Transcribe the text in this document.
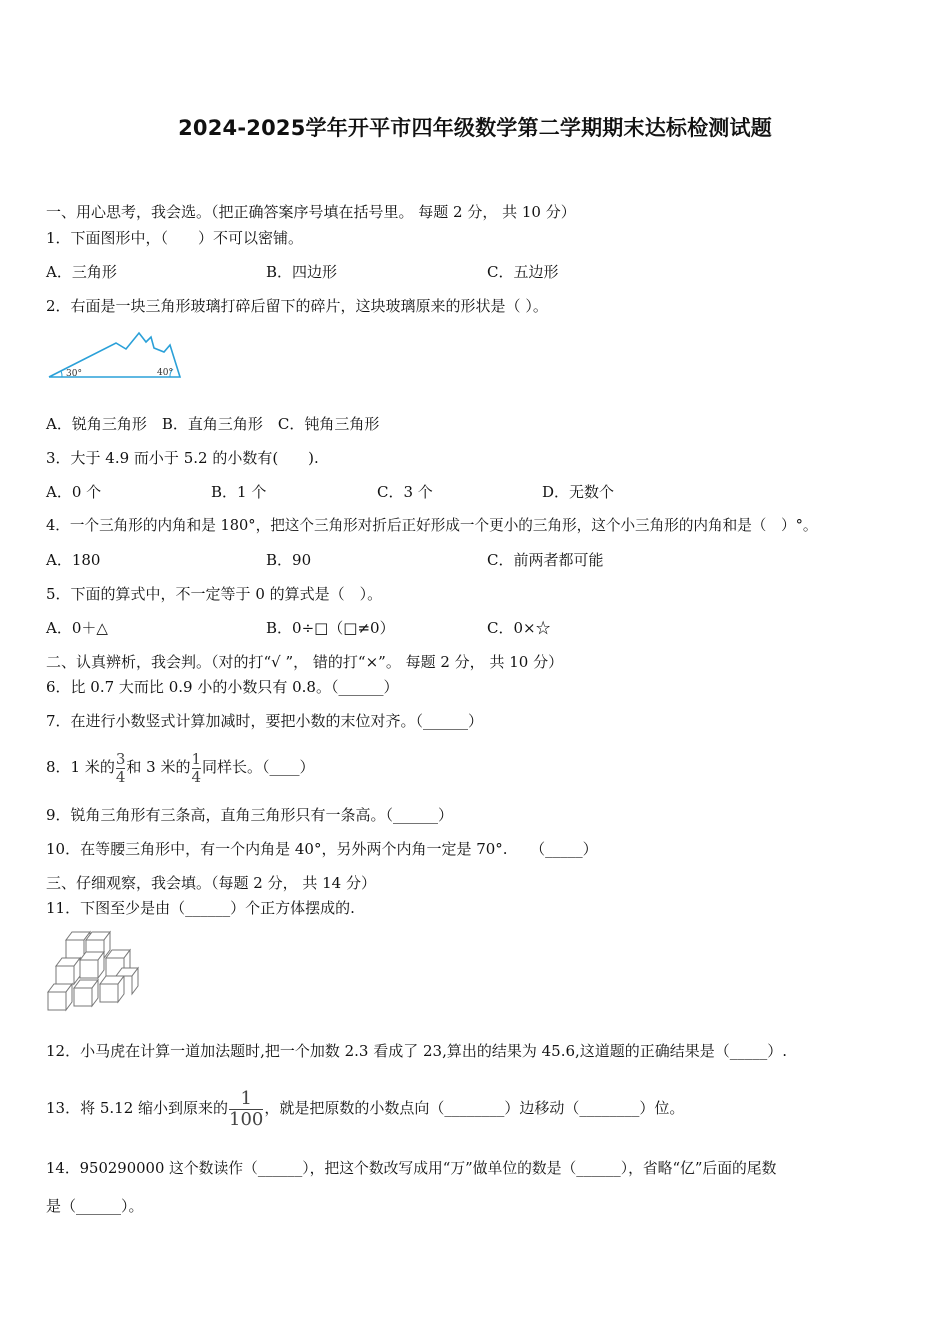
2024-2025学年开平市四年级数学第二学期期末达标检测试题
一、用心思考，我会选。（把正确答案序号填在括号里。 每题 2 分， 共 10 分）
1．下面图形中，（　　）不可以密铺。
A．三角形	B．四边形	C．五边形
2．右面是一块三角形玻璃打碎后留下的碎片，这块玻璃原来的形状是（ ）。
30°	40°
A．锐角三角形　B．直角三角形　C．钝角三角形
3．大于 4.9 而小于 5.2 的小数有(　　).
A．0 个	B．1 个	C．3 个	D．无数个
4．一个三角形的内角和是 180°，把这个三角形对折后正好形成一个更小的三角形，这个小三角形的内角和是（　）°。
A．180	B．90	C．前两者都可能
5．下面的算式中，不一定等于 0 的算式是（　）。
A．0＋△	B．0÷□（□≠0）	C．0×☆
二、认真辨析，我会判。（对的打“√ ”， 错的打“×”。 每题 2 分， 共 10 分）
6．比 0.7 大而比 0.9 小的小数只有 0.8。（______）
7．在进行小数竖式计算加减时，要把小数的末位对齐。（______）
8．1 米的 $\frac{3}{4}$ 和 3 米的 $\frac{1}{4}$ 同样长。（____）
9．锐角三角形有三条高，直角三角形只有一条高。（______）
10．在等腰三角形中，有一个内角是 40°，另外两个内角一定是 70°.　　（_____）
三、仔细观察，我会填。（每题 2 分， 共 14 分）
11．下图至少是由（______）个正方体摆成的.
12．小马虎在计算一道加法题时,把一个加数 2.3 看成了 23,算出的结果为 45.6,这道题的正确结果是（_____）.
13．将 5.12 缩小到原来的 $\frac{1}{100}$ ，就是把原数的小数点向（________）边移动（________）位。
14．950290000 这个数读作（______），把这个数改写成用“万”做单位的数是（______），省略“亿”后面的尾数
是（______）。
